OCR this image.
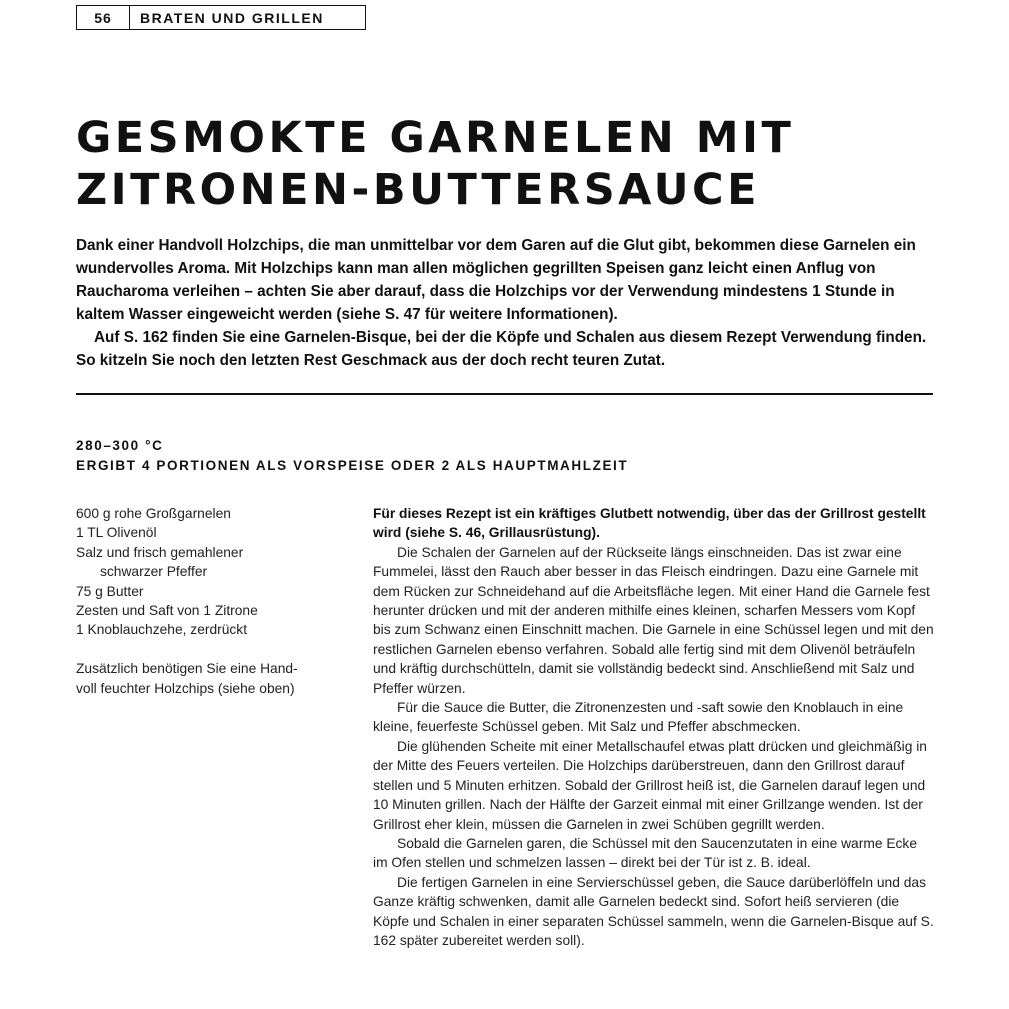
56	BRATEN UND GRILLEN
GESMOKTE GARNELEN MIT
ZITRONEN-BUTTERSAUCE

Dank einer Handvoll Holzchips, die man unmittelbar vor dem Garen auf die Glut gibt, bekommen diese Garnelen ein wundervolles Aroma. Mit Holzchips kann man allen möglichen gegrillten Speisen ganz leicht einen Anflug von Raucharoma verleihen – achten Sie aber darauf, dass die Holzchips vor der Verwendung mindestens 1 Stunde in kaltem Wasser eingeweicht werden (siehe S. 47 für weitere Informationen).

Auf S. 162 finden Sie eine Garnelen-Bisque, bei der die Köpfe und Schalen aus diesem Rezept Verwendung finden. So kitzeln Sie noch den letzten Rest Geschmack aus der doch recht teuren Zutat.

280–300 °C
ERGIBT 4 PORTIONEN ALS VORSPEISE ODER 2 ALS HAUPTMAHLZEIT
600 g rohe Großgarnelen
1 TL Olivenöl
Salz und frisch gemahlener
schwarzer Pfeffer
75 g Butter
Zesten und Saft von 1 Zitrone
1 Knoblauchzehe, zerdrückt
Zusätzlich benötigen Sie eine Hand-
voll feuchter Holzchips (siehe oben)

Für dieses Rezept ist ein kräftiges Glutbett notwendig, über das der Grillrost gestellt wird (siehe S. 46, Grillausrüstung).

Die Schalen der Garnelen auf der Rückseite längs einschneiden. Das ist zwar eine Fummelei, lässt den Rauch aber besser in das Fleisch eindringen. Dazu eine Garnele mit dem Rücken zur Schneidehand auf die Arbeitsfläche legen. Mit einer Hand die Garnele fest herunter drücken und mit der anderen mithilfe eines kleinen, scharfen Messers vom Kopf bis zum Schwanz einen Einschnitt machen. Die Garnele in eine Schüssel legen und mit den restlichen Garnelen ebenso verfahren. Sobald alle fertig sind mit dem Olivenöl beträufeln und kräftig durchschütteln, damit sie vollständig bedeckt sind. Anschließend mit Salz und Pfeffer würzen.

Für die Sauce die Butter, die Zitronenzesten und -saft sowie den Knoblauch in eine kleine, feuerfeste Schüssel geben. Mit Salz und Pfeffer abschmecken.

Die glühenden Scheite mit einer Metallschaufel etwas platt drücken und gleichmäßig in der Mitte des Feuers verteilen. Die Holzchips darüberstreuen, dann den Grillrost darauf stellen und 5 Minuten erhitzen. Sobald der Grillrost heiß ist, die Garnelen darauf legen und 10 Minuten grillen. Nach der Hälfte der Garzeit einmal mit einer Grillzange wenden. Ist der Grillrost eher klein, müssen die Garnelen in zwei Schüben gegrillt werden.

Sobald die Garnelen garen, die Schüssel mit den Saucenzutaten in eine warme Ecke im Ofen stellen und schmelzen lassen – direkt bei der Tür ist z. B. ideal.

Die fertigen Garnelen in eine Servierschüssel geben, die Sauce darüberlöffeln und das Ganze kräftig schwenken, damit alle Garnelen bedeckt sind. Sofort heiß servieren (die Köpfe und Schalen in einer separaten Schüssel sammeln, wenn die Garnelen-Bisque auf S. 162 später zubereitet werden soll).
